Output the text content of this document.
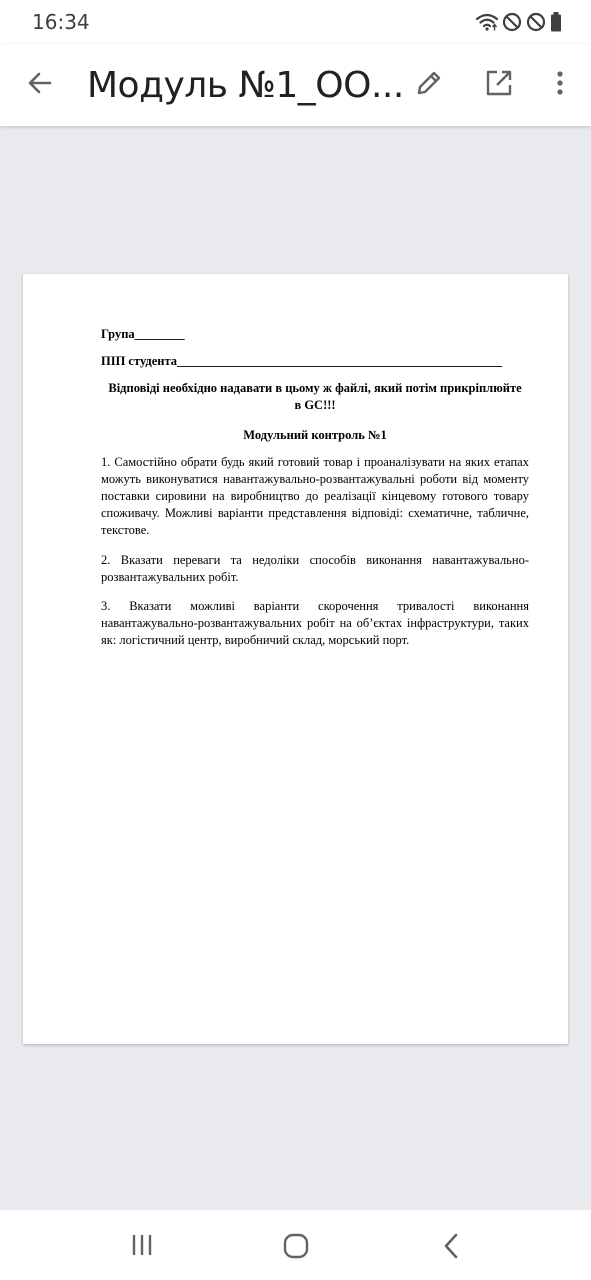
16:34
Модуль №1_ОО...
Група________
ПІП студента____________________________________________________
Відповіді необхідно надавати в цьому ж файлі, який потім прикріплюйте
в GC!!!
Модульний контроль №1

1. Самостійно обрати будь який готовий товар і проаналізувати на яких етапах можуть виконуватися навантажувально-розвантажувальні роботи від моменту поставки сировини на виробництво до реалізації кінцевому готового товару споживачу. Можливі варіанти представлення відповіді: схематичне, табличне, текстове.

2. Вказати переваги та недоліки способів виконання навантажувально-розвантажувальних робіт.

3. Вказати можливі варіанти скорочення тривалості виконання навантажувально-розвантажувальних робіт на об’єктах інфраструктури, таких як: логістичний центр, виробничий склад, морський порт.
